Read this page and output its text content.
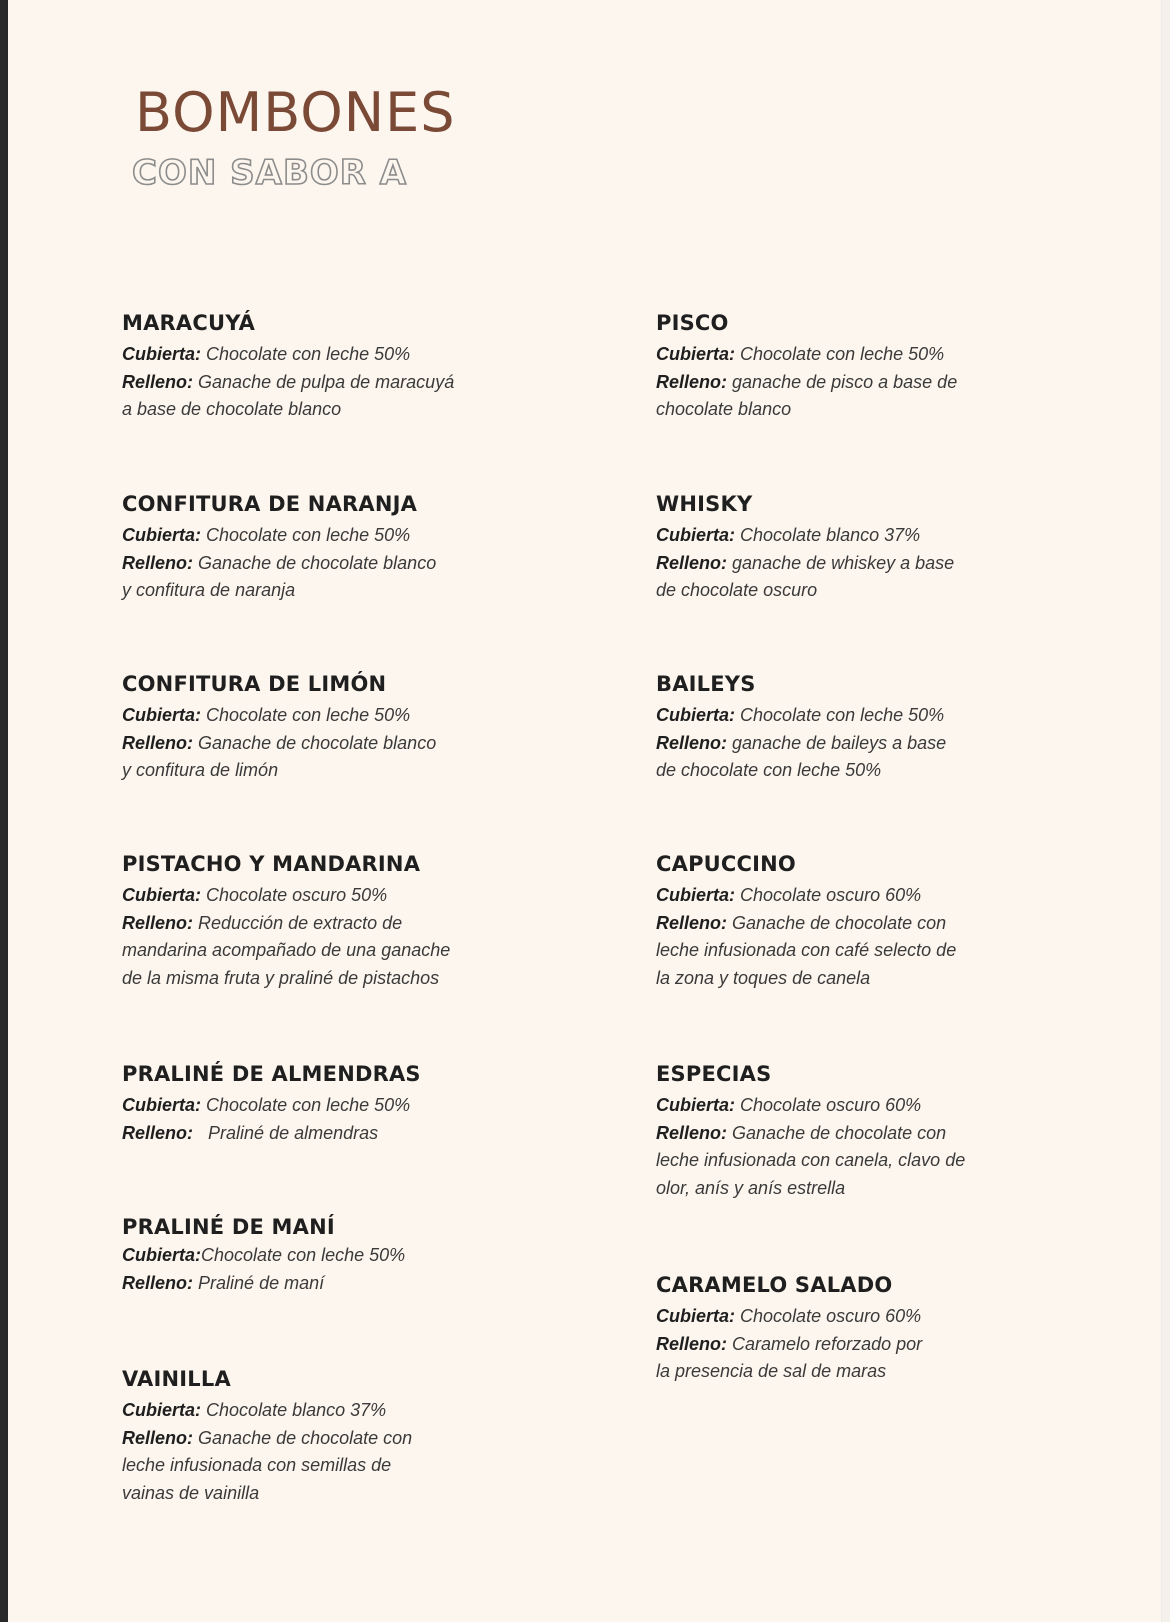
BOMBONES
CON SABOR A
MARACUYÁ

Cubierta: Chocolate con leche 50%

Relleno: Ganache de pulpa de maracuyá

a base de chocolate blanco

CONFITURA DE NARANJA

Cubierta: Chocolate con leche 50%

Relleno: Ganache de chocolate blanco

y confitura de naranja

CONFITURA DE LIMÓN

Cubierta: Chocolate con leche 50%

Relleno: Ganache de chocolate blanco

y confitura de limón

PISTACHO Y MANDARINA

Cubierta: Chocolate oscuro 50%

Relleno: Reducción de extracto de

mandarina acompañado de una ganache

de la misma fruta y praliné de pistachos

PRALINÉ DE ALMENDRAS

Cubierta: Chocolate con leche 50%

Relleno: Praliné de almendras

PRALINÉ DE MANÍ

Cubierta:Chocolate con leche 50%

Relleno: Praliné de maní

VAINILLA

Cubierta: Chocolate blanco 37%

Relleno: Ganache de chocolate con

leche infusionada con semillas de

vainas de vainilla

PISCO

Cubierta: Chocolate con leche 50%

Relleno: ganache de pisco a base de

chocolate blanco

WHISKY

Cubierta: Chocolate blanco 37%

Relleno: ganache de whiskey a base

de chocolate oscuro

BAILEYS

Cubierta: Chocolate con leche 50%

Relleno: ganache de baileys a base

de chocolate con leche 50%

CAPUCCINO

Cubierta: Chocolate oscuro 60%

Relleno: Ganache de chocolate con

leche infusionada con café selecto de

la zona y toques de canela

ESPECIAS

Cubierta: Chocolate oscuro 60%

Relleno: Ganache de chocolate con

leche infusionada con canela, clavo de

olor, anís y anís estrella

CARAMELO SALADO

Cubierta: Chocolate oscuro 60%

Relleno: Caramelo reforzado por

la presencia de sal de maras
